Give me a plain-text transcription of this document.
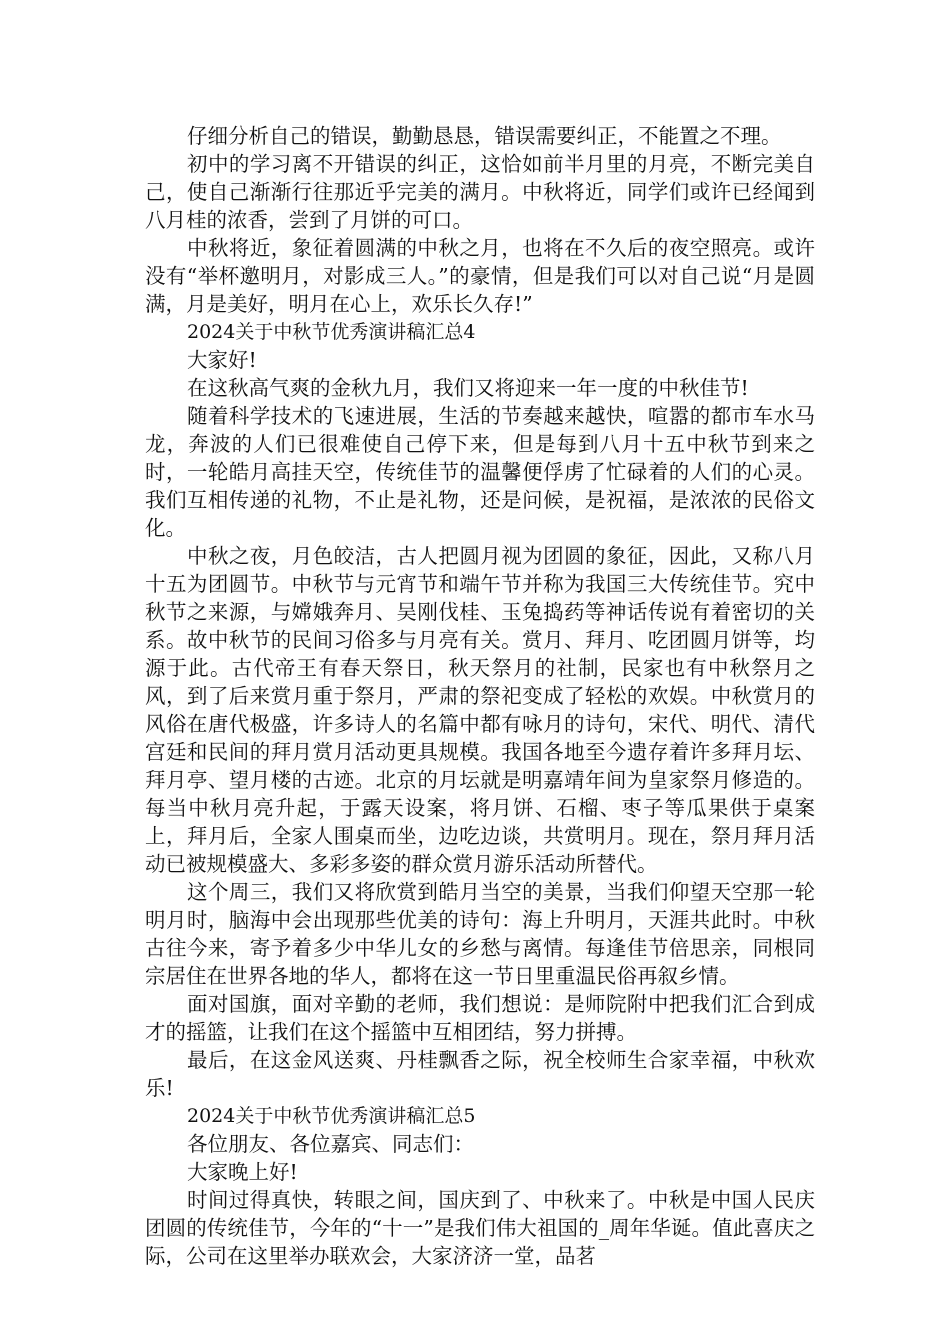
仔细分析自己的错误，勤勤恳恳，错误需要纠正，不能置之不理。

初中的学习离不开错误的纠正，这恰如前半月里的月亮，不断完美自己，使自己渐渐行往那近乎完美的满月。中秋将近，同学们或许已经闻到八月桂的浓香，尝到了月饼的可口。

中秋将近，象征着圆满的中秋之月，也将在不久后的夜空照亮。或许没有“举杯邀明月，对影成三人。”的豪情，但是我们可以对自己说“月是圆满，月是美好，明月在心上，欢乐长久存!”

2024关于中秋节优秀演讲稿汇总4

大家好!

在这秋高气爽的金秋九月，我们又将迎来一年一度的中秋佳节!

随着科学技术的飞速进展，生活的节奏越来越快，喧嚣的都市车水马龙，奔波的人们已很难使自己停下来，但是每到八月十五中秋节到来之时，一轮皓月高挂天空，传统佳节的温馨便俘虏了忙碌着的人们的心灵。我们互相传递的礼物，不止是礼物，还是问候，是祝福，是浓浓的民俗文化。

中秋之夜，月色皎洁，古人把圆月视为团圆的象征，因此，又称八月十五为团圆节。中秋节与元宵节和端午节并称为我国三大传统佳节。究中秋节之来源，与嫦娥奔月、吴刚伐桂、玉兔捣药等神话传说有着密切的关系。故中秋节的民间习俗多与月亮有关。赏月、拜月、吃团圆月饼等，均源于此。古代帝王有春天祭日，秋天祭月的社制，民家也有中秋祭月之风，到了后来赏月重于祭月，严肃的祭祀变成了轻松的欢娱。中秋赏月的风俗在唐代极盛，许多诗人的名篇中都有咏月的诗句，宋代、明代、清代宫廷和民间的拜月赏月活动更具规模。我国各地至今遗存着许多拜月坛、拜月亭、望月楼的古迹。北京的月坛就是明嘉靖年间为皇家祭月修造的。每当中秋月亮升起，于露天设案，将月饼、石榴、枣子等瓜果供于桌案上，拜月后，全家人围桌而坐，边吃边谈，共赏明月。现在，祭月拜月活动已被规模盛大、多彩多姿的群众赏月游乐活动所替代。

这个周三，我们又将欣赏到皓月当空的美景，当我们仰望天空那一轮明月时，脑海中会出现那些优美的诗句：海上升明月，天涯共此时。中秋古往今来，寄予着多少中华儿女的乡愁与离情。每逢佳节倍思亲，同根同宗居住在世界各地的华人，都将在这一节日里重温民俗再叙乡情。

面对国旗，面对辛勤的老师，我们想说：是师院附中把我们汇合到成才的摇篮，让我们在这个摇篮中互相团结，努力拼搏。

最后，在这金风送爽、丹桂飘香之际，祝全校师生合家幸福，中秋欢乐!

2024关于中秋节优秀演讲稿汇总5

各位朋友、各位嘉宾、同志们：

大家晚上好!

时间过得真快，转眼之间，国庆到了、中秋来了。中秋是中国人民庆团圆的传统佳节，今年的“十一”是我们伟大祖国的_周年华诞。值此喜庆之际，公司在这里举办联欢会，大家济济一堂，品茗
